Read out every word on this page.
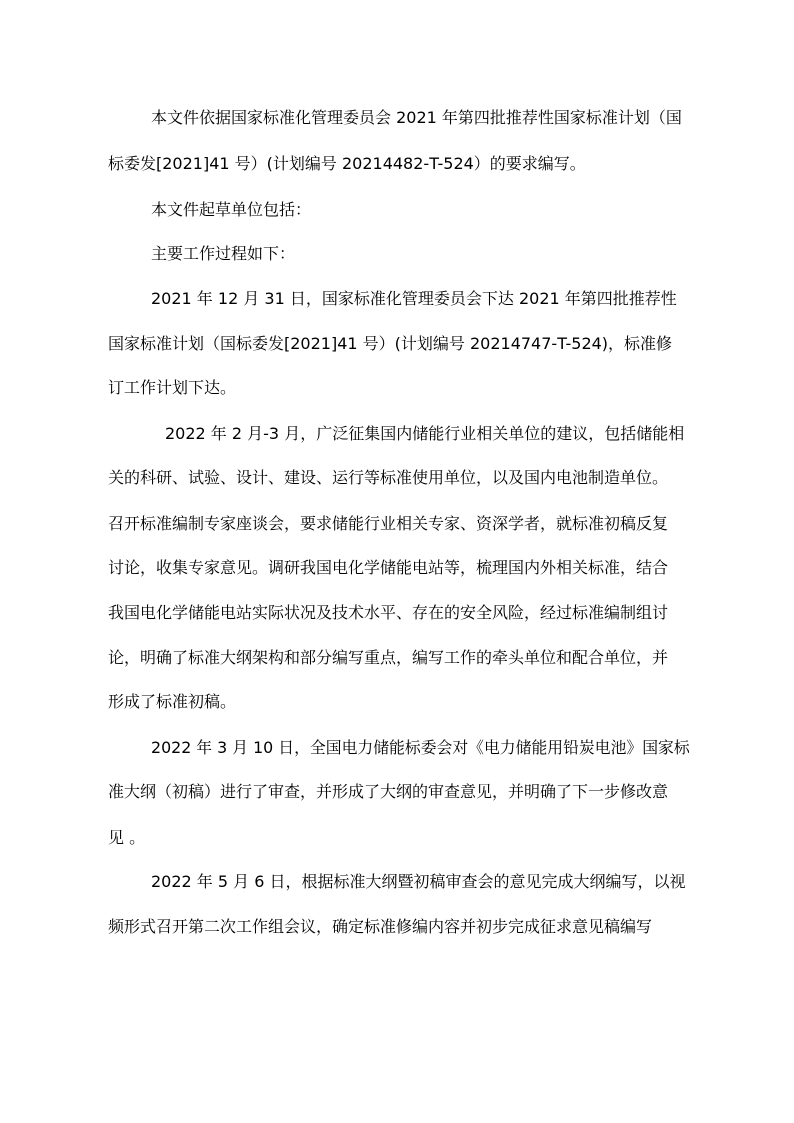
本文件依据国家标准化管理委员会 2021 年第四批推荐性国家标准计划（国
标委发[2021]41 号）(计划编号 20214482-T-524）的要求编写。
本文件起草单位包括：
主要工作过程如下：
2021 年 12 月 31 日，国家标准化管理委员会下达 2021 年第四批推荐性
国家标准计划（国标委发[2021]41 号）(计划编号 20214747-T-524)，标准修
订工作计划下达。
2022 年 2 月-3 月，广泛征集国内储能行业相关单位的建议，包括储能相
关的科研、试验、设计、建设、运行等标准使用单位，以及国内电池制造单位。
召开标准编制专家座谈会，要求储能行业相关专家、资深学者，就标准初稿反复
讨论，收集专家意见。调研我国电化学储能电站等，梳理国内外相关标准，结合
我国电化学储能电站实际状况及技术水平、存在的安全风险，经过标准编制组讨
论，明确了标准大纲架构和部分编写重点，编写工作的牵头单位和配合单位，并
形成了标准初稿。
2022 年 3 月 10 日，全国电力储能标委会对《电力储能用铅炭电池》国家标
准大纲（初稿）进行了审查，并形成了大纲的审查意见，并明确了下一步修改意
见 。
2022 年 5 月 6 日，根据标准大纲暨初稿审查会的意见完成大纲编写，以视
频形式召开第二次工作组会议，确定标准修编内容并初步完成征求意见稿编写
